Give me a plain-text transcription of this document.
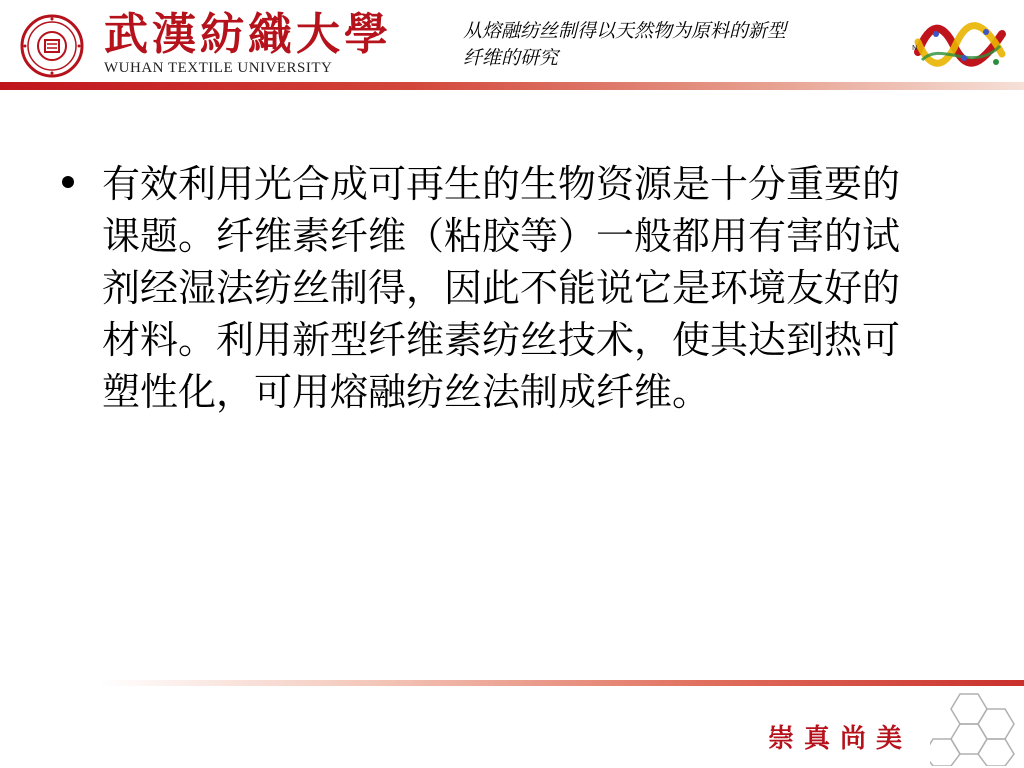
武漢紡織大學
WUHAN TEXTILE UNIVERSITY
从熔融纺丝制得以天然物为原料的新型
纤维的研究	N

有效利用光合成可再生的生物资源是十分重要的课题。纤维素纤维（粘胶等）一般都用有害的试剂经湿法纺丝制得，因此不能说它是环境友好的材料。利用新型纤维素纺丝技术，使其达到热可塑性化，可用熔融纺丝法制成纤维。

崇真尚美
